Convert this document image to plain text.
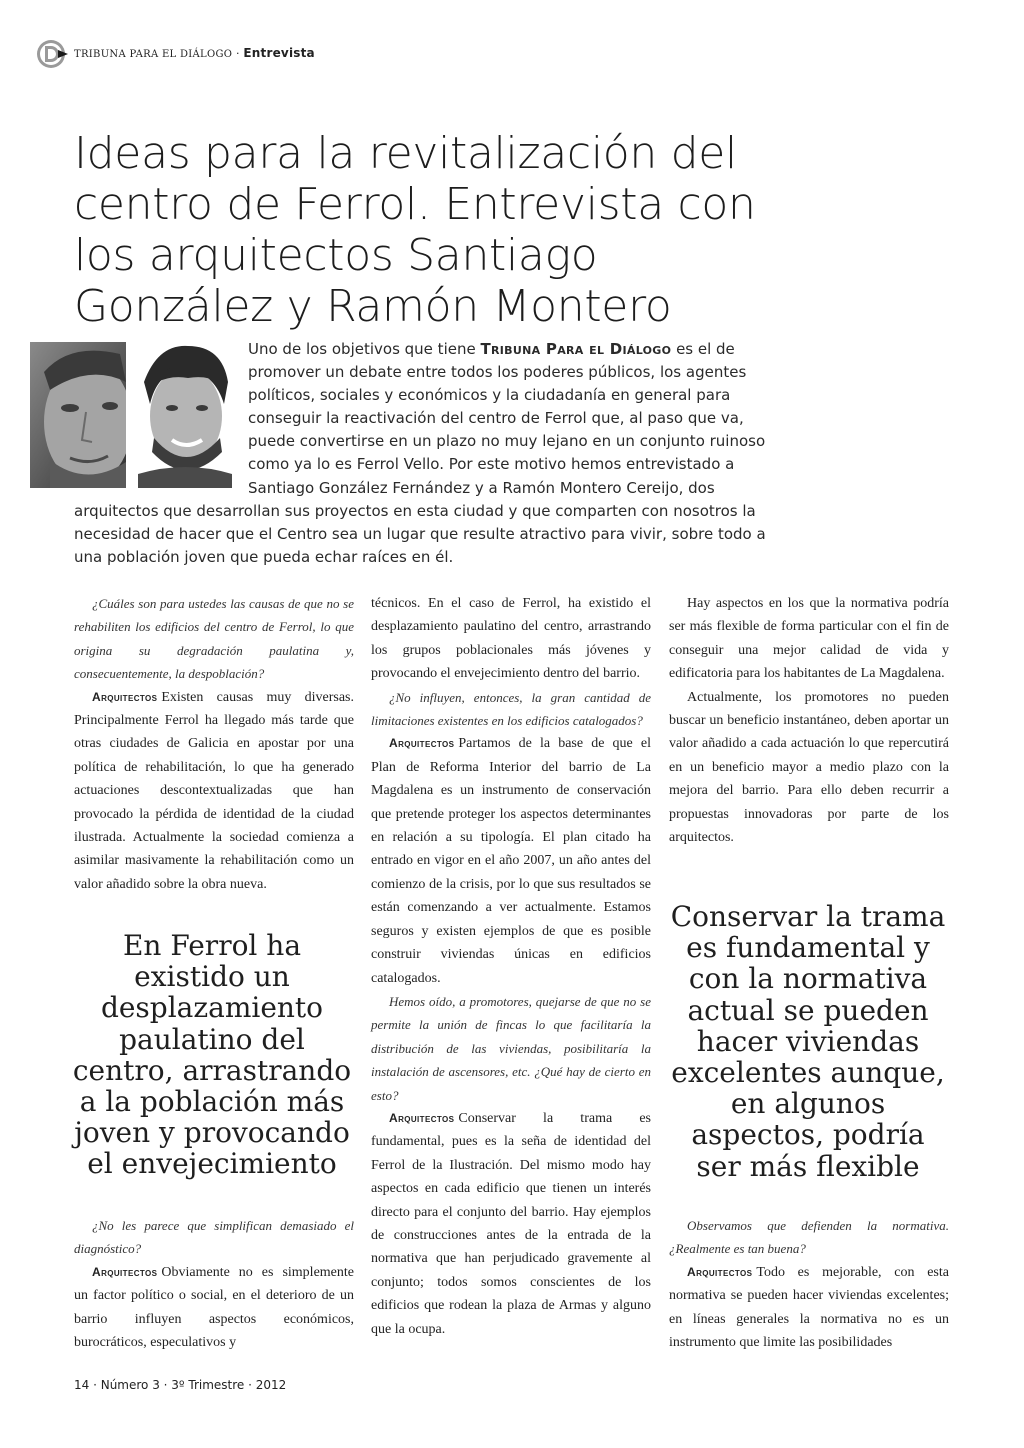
TRIBUNA PARA EL DIÁLOGO · Entrevista
Ideas para la revitalización del centro de Ferrol. Entrevista con los arquitectos Santiago González y Ramón Montero

Uno de los objetivos que tiene Tribuna Para el Diálogo es el de promover un debate entre todos los poderes públicos, los agentes políticos, sociales y económicos y la ciudadanía en general para conseguir la reactivación del centro de Ferrol que, al paso que va, puede convertirse en un plazo no muy lejano en un conjunto ruinoso como ya lo es Ferrol Vello. Por este motivo hemos entrevistado a Santiago González Fernández y a Ramón Montero Cereijo, dos arquitectos que desarrollan sus proyectos en esta ciudad y que comparten con nosotros la necesidad de hacer que el Centro sea un lugar que resulte atractivo para vivir, sobre todo a una población joven que pueda echar raíces en él.

¿Cuáles son para ustedes las causas de que no se rehabiliten los edificios del centro de Ferrol, lo que origina su degradación paulatina y, consecuentemente, la despoblación?

Arquitectos Existen causas muy diversas. Principalmente Ferrol ha llegado más tarde que otras ciudades de Galicia en apostar por una política de rehabilitación, lo que ha generado actuaciones descontextualizadas que han provocado la pérdida de identidad de la ciudad ilustrada. Actualmente la sociedad comienza a asimilar masivamente la rehabilitación como un valor añadido sobre la obra nueva.

En Ferrol ha existido un desplazamiento paulatino del centro, arrastrando a la población más joven y provocando el envejecimiento

¿No les parece que simplifican demasiado el diagnóstico?

Arquitectos Obviamente no es simplemente un factor político o social, en el deterioro de un barrio influyen aspectos económicos, burocráticos, especulativos y

técnicos. En el caso de Ferrol, ha existido el desplazamiento paulatino del centro, arrastrando los grupos poblacionales más jóvenes y provocando el envejecimiento dentro del barrio.

¿No influyen, entonces, la gran cantidad de limitaciones existentes en los edificios catalogados?

Arquitectos Partamos de la base de que el Plan de Reforma Interior del barrio de La Magdalena es un instrumento de conservación que pretende proteger los aspectos determinantes en relación a su tipología. El plan citado ha entrado en vigor en el año 2007, un año antes del comienzo de la crisis, por lo que sus resultados se están comenzando a ver actualmente. Estamos seguros y existen ejemplos de que es posible construir viviendas únicas en edificios catalogados.

Hemos oído, a promotores, quejarse de que no se permite la unión de fincas lo que facilitaría la distribución de las viviendas, posibilitaría la instalación de ascensores, etc. ¿Qué hay de cierto en esto?

Arquitectos Conservar la trama es fundamental, pues es la seña de identidad del Ferrol de la Ilustración. Del mismo modo hay aspectos en cada edificio que tienen un interés directo para el conjunto del barrio. Hay ejemplos de construcciones antes de la entrada de la normativa que han perjudicado gravemente al conjunto; todos somos conscientes de los edificios que rodean la plaza de Armas y alguno que la ocupa.

Hay aspectos en los que la normativa podría ser más flexible de forma particular con el fin de conseguir una mejor calidad de vida y edificatoria para los habitantes de La Magdalena.

Actualmente, los promotores no pueden buscar un beneficio instantáneo, deben aportar un valor añadido a cada actuación lo que repercutirá en un beneficio mayor a medio plazo con la mejora del barrio. Para ello deben recurrir a propuestas innovadoras por parte de los arquitectos.

Conservar la trama es fundamental y con la normativa actual se pueden hacer viviendas excelentes aunque, en algunos aspectos, podría ser más flexible

Observamos que defienden la normativa. ¿Realmente es tan buena?

Arquitectos Todo es mejorable, con esta normativa se pueden hacer viviendas excelentes; en líneas generales la normativa no es un instrumento que limite las posibilidades

14 · Número 3 · 3º Trimestre · 2012
